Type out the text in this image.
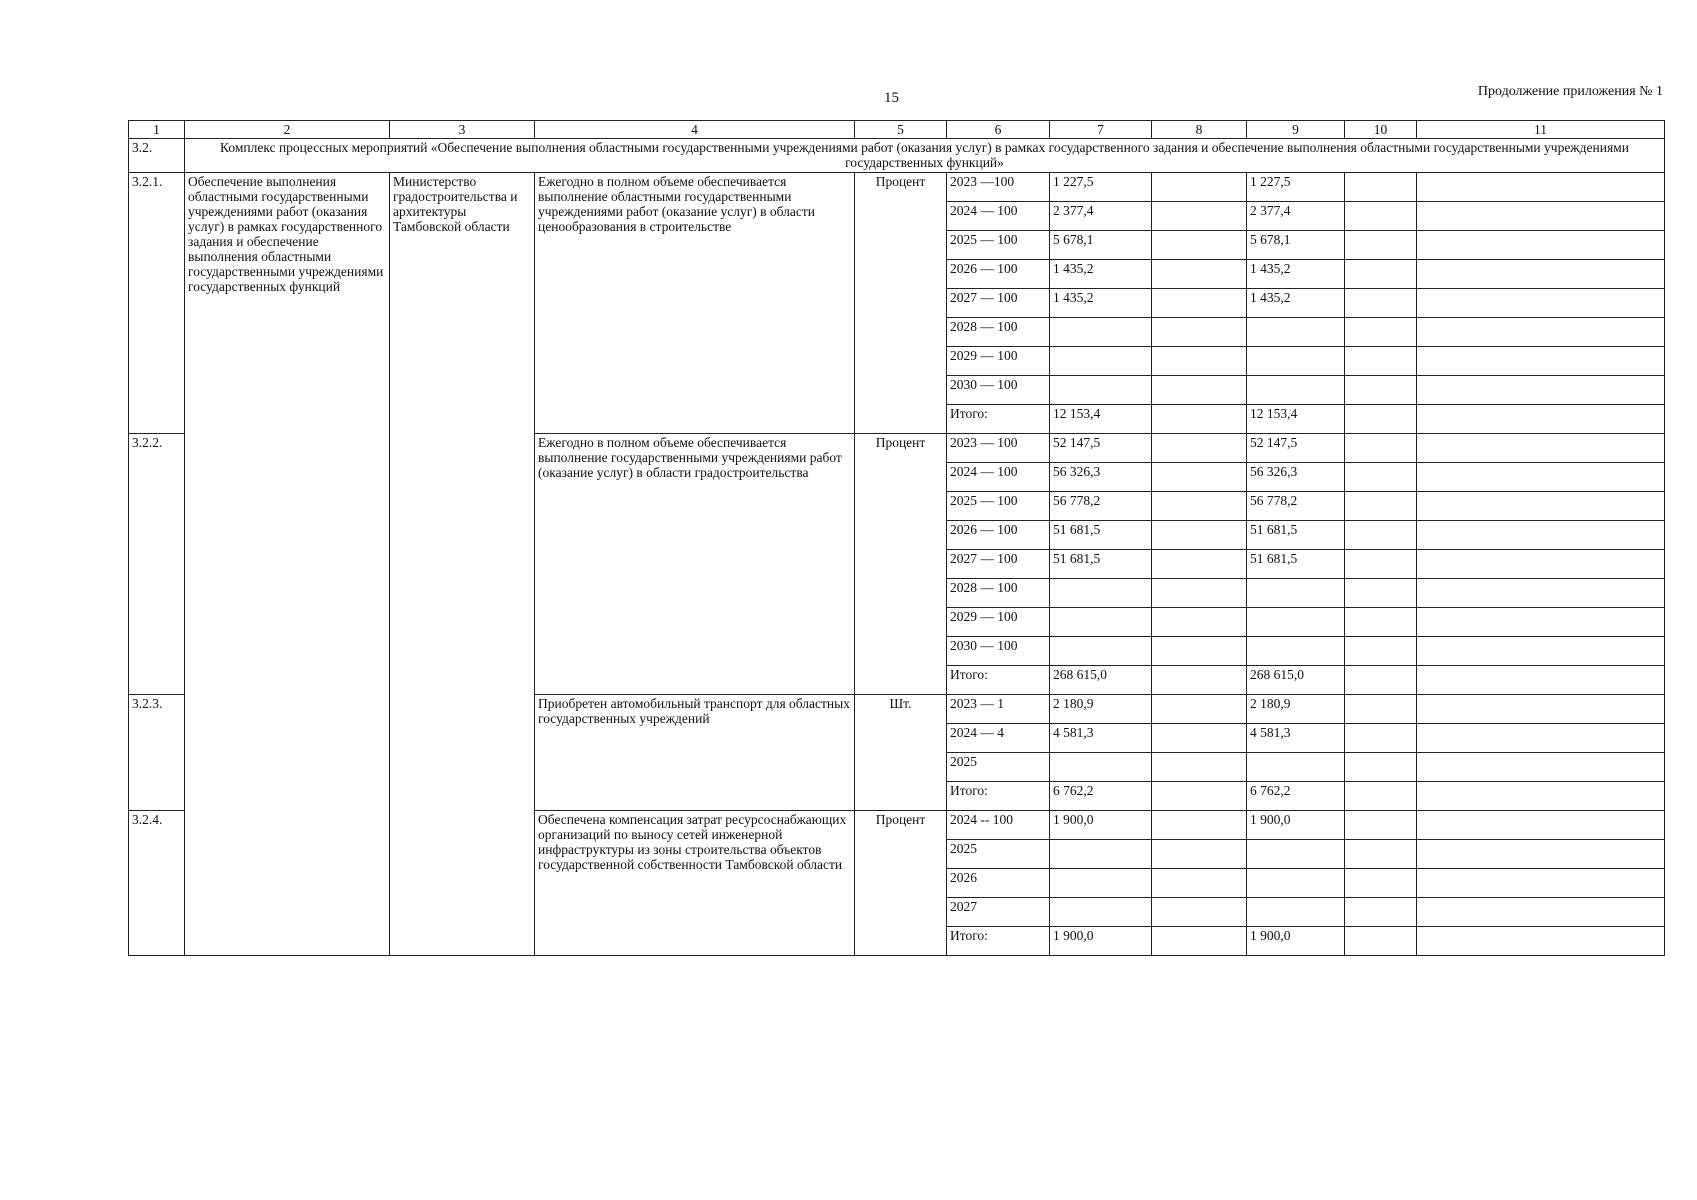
15	Продолжение приложения № 1
1	2	3	4	5	6	7	8	9	10	11
3.2.	Комплекс процессных мероприятий «Обеспечение выполнения областными государственными учреждениями работ (оказания услуг) в рамках государственного задания и обеспечение выполнения областными государственными учреждениями государственных функций»									
3.2.1.	Обеспечение выполнения областными государственными учреждениями работ (оказания услуг) в рамках государственного задания и обеспечение выполнения областными государственными учреждениями государственных функций	Министерство градостроительства и архитектуры Тамбовской области	Ежегодно в полном объеме обеспечивается выполнение областными государственными учреждениями работ (оказание услуг) в области ценообразования в строительстве	Процент	2023 —100	1 227,5		1 227,5		
					2024 — 100	2 377,4		2 377,4		
					2025 — 100	5 678,1		5 678,1		
					2026 — 100	1 435,2		1 435,2		
					2027 — 100	1 435,2		1 435,2		
					2028 — 100					
					2029 — 100					
					2030 — 100					
					Итого:	12 153,4		12 153,4		
3.2.2.			Ежегодно в полном объеме обеспечивается выполнение государственными учреждениями работ (оказание услуг) в области градостроительства	Процент	2023 — 100	52 147,5		52 147,5		
					2024 — 100	56 326,3		56 326,3		
					2025 — 100	56 778,2		56 778,2		
					2026 — 100	51 681,5		51 681,5		
					2027 — 100	51 681,5		51 681,5		
					2028 — 100					
					2029 — 100					
					2030 — 100					
					Итого:	268 615,0		268 615,0		
3.2.3.			Приобретен автомобильный транспорт для областных государственных учреждений	Шт.	2023 — 1	2 180,9		2 180,9		
					2024 — 4	4 581,3		4 581,3		
					2025					
					Итого:	6 762,2		6 762,2		
3.2.4.			Обеспечена компенсация затрат ресурсоснабжающих организаций по выносу сетей инженерной инфраструктуры из зоны строительства объектов государственной собственности Тамбовской области	Процент	2024 -- 100	1 900,0		1 900,0		
					2025					
					2026					
					2027					
					Итого:	1 900,0		1 900,0		
